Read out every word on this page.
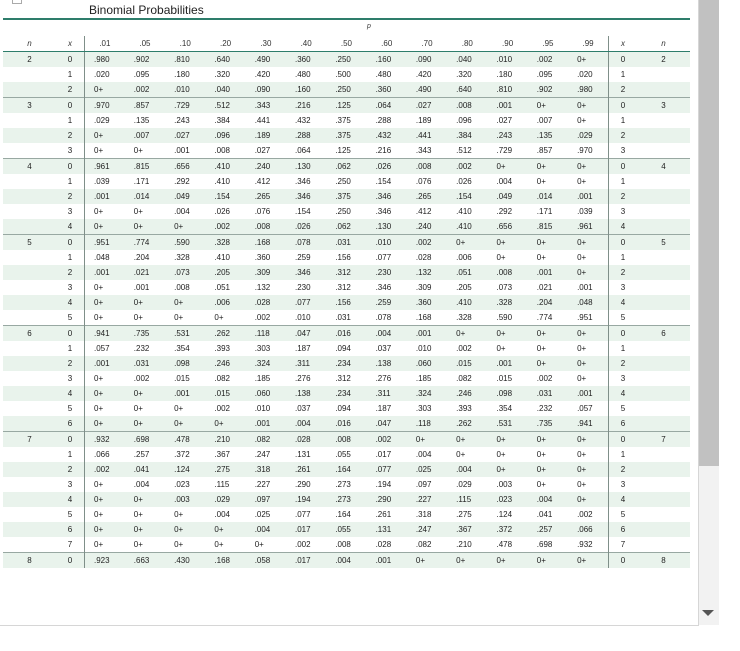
Binomial Probabilities
p
n	x	.01	.05	.10	.20	.30	.40	.50	.60	.70	.80	.90	.95	.99	x	n
2	0	.980	.902	.810	.640	.490	.360	.250	.160	.090	.040	.010	.002	0+	0	2
	1	.020	.095	.180	.320	.420	.480	.500	.480	.420	.320	.180	.095	.020	1	
	2	0+	.002	.010	.040	.090	.160	.250	.360	.490	.640	.810	.902	.980	2	
3	0	.970	.857	.729	.512	.343	.216	.125	.064	.027	.008	.001	0+	0+	0	3
	1	.029	.135	.243	.384	.441	.432	.375	.288	.189	.096	.027	.007	0+	1	
	2	0+	.007	.027	.096	.189	.288	.375	.432	.441	.384	.243	.135	.029	2	
	3	0+	0+	.001	.008	.027	.064	.125	.216	.343	.512	.729	.857	.970	3	
4	0	.961	.815	.656	.410	.240	.130	.062	.026	.008	.002	0+	0+	0+	0	4
	1	.039	.171	.292	.410	.412	.346	.250	.154	.076	.026	.004	0+	0+	1	
	2	.001	.014	.049	.154	.265	.346	.375	.346	.265	.154	.049	.014	.001	2	
	3	0+	0+	.004	.026	.076	.154	.250	.346	.412	.410	.292	.171	.039	3	
	4	0+	0+	0+	.002	.008	.026	.062	.130	.240	.410	.656	.815	.961	4	
5	0	.951	.774	.590	.328	.168	.078	.031	.010	.002	0+	0+	0+	0+	0	5
	1	.048	.204	.328	.410	.360	.259	.156	.077	.028	.006	0+	0+	0+	1	
	2	.001	.021	.073	.205	.309	.346	.312	.230	.132	.051	.008	.001	0+	2	
	3	0+	.001	.008	.051	.132	.230	.312	.346	.309	.205	.073	.021	.001	3	
	4	0+	0+	0+	.006	.028	.077	.156	.259	.360	.410	.328	.204	.048	4	
	5	0+	0+	0+	0+	.002	.010	.031	.078	.168	.328	.590	.774	.951	5	
6	0	.941	.735	.531	.262	.118	.047	.016	.004	.001	0+	0+	0+	0+	0	6
	1	.057	.232	.354	.393	.303	.187	.094	.037	.010	.002	0+	0+	0+	1	
	2	.001	.031	.098	.246	.324	.311	.234	.138	.060	.015	.001	0+	0+	2	
	3	0+	.002	.015	.082	.185	.276	.312	.276	.185	.082	.015	.002	0+	3	
	4	0+	0+	.001	.015	.060	.138	.234	.311	.324	.246	.098	.031	.001	4	
	5	0+	0+	0+	.002	.010	.037	.094	.187	.303	.393	.354	.232	.057	5	
	6	0+	0+	0+	0+	.001	.004	.016	.047	.118	.262	.531	.735	.941	6	
7	0	.932	.698	.478	.210	.082	.028	.008	.002	0+	0+	0+	0+	0+	0	7
	1	.066	.257	.372	.367	.247	.131	.055	.017	.004	0+	0+	0+	0+	1	
	2	.002	.041	.124	.275	.318	.261	.164	.077	.025	.004	0+	0+	0+	2	
	3	0+	.004	.023	.115	.227	.290	.273	.194	.097	.029	.003	0+	0+	3	
	4	0+	0+	.003	.029	.097	.194	.273	.290	.227	.115	.023	.004	0+	4	
	5	0+	0+	0+	.004	.025	.077	.164	.261	.318	.275	.124	.041	.002	5	
	6	0+	0+	0+	0+	.004	.017	.055	.131	.247	.367	.372	.257	.066	6	
	7	0+	0+	0+	0+	0+	.002	.008	.028	.082	.210	.478	.698	.932	7	
8	0	.923	.663	.430	.168	.058	.017	.004	.001	0+	0+	0+	0+	0+	0	8
